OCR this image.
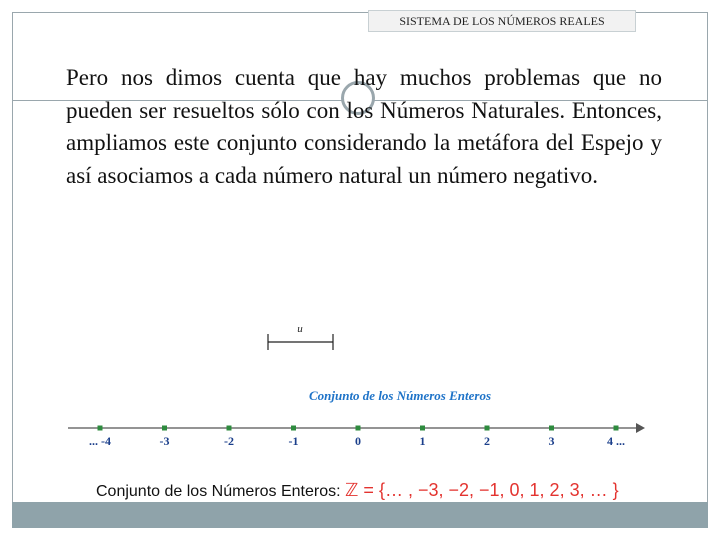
SISTEMA DE LOS NÚMEROS REALES
Pero nos dimos cuenta que hay muchos problemas que no pueden ser resueltos sólo con los Números Naturales. Entonces, ampliamos este conjunto considerando la metáfora del Espejo y así asociamos a cada número natural un número negativo.
u
Conjunto de los Números Enteros
... -4	-3	-2	-1	0	1	2	3	4 ...
Conjunto de los Números Enteros: ℤ = {… , −3, −2, −1, 0, 1, 2, 3, … }
